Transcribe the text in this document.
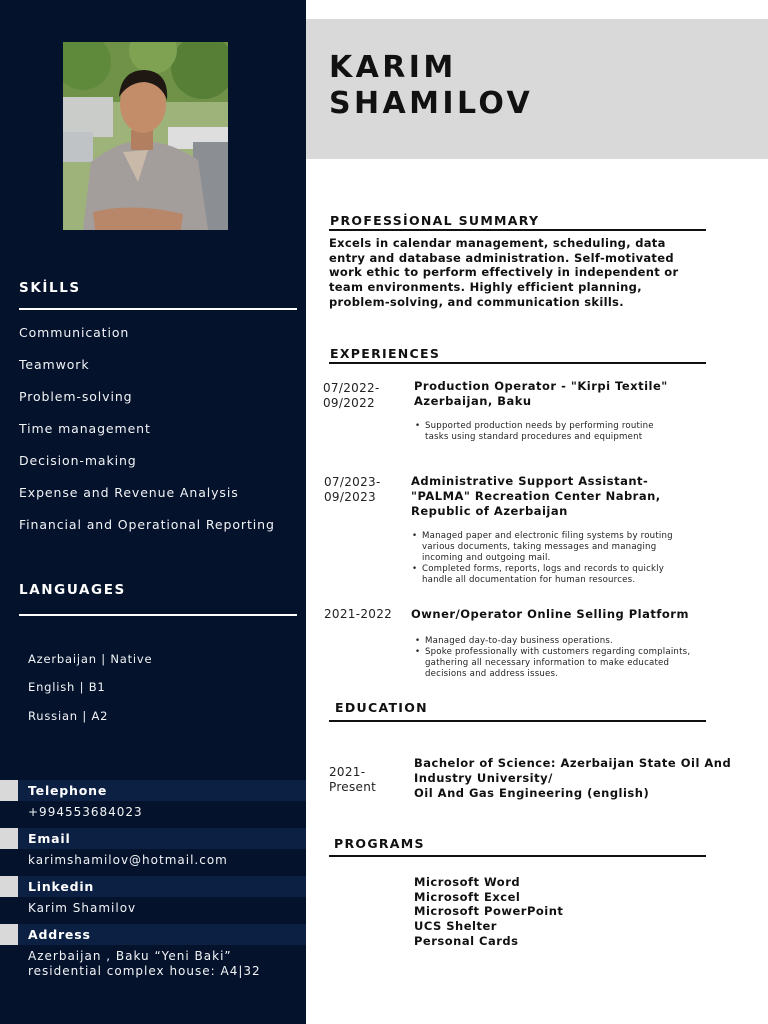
SKİLLS
Communication
Teamwork
Problem-solving
Time management
Decision-making
Expense and Revenue Analysis
Financial and Operational Reporting
LANGUAGES
Azerbaijan | Native
English | B1
Russian | A2
Telephone
+994553684023
Email
karimshamilov@hotmail.com
Linkedin
Karim Shamilov
Address
Azerbaijan , Baku “Yeni Baki”
residential complex house: A4|32
KARIM
SHAMILOV
PROFESSİONAL SUMMARY
Excels in calendar management, scheduling, data entry and database administration. Self-motivated work ethic to perform effectively in independent or team environments. Highly efficient planning, problem-solving, and communication skills.
EXPERIENCES
07/2022-
09/2022
Production Operator - "Kirpi Textile"
Azerbaijan, Baku
• Supported production needs by performing routine tasks using standard procedures and equipment
07/2023-
09/2023
Administrative Support Assistant-
"PALMA" Recreation Center Nabran,
Republic of Azerbaijan
• Managed paper and electronic filing systems by routing various documents, taking messages and managing incoming and outgoing mail.
• Completed forms, reports, logs and records to quickly handle all documentation for human resources.
2021-2022 Owner/Operator Online Selling Platform
• Managed day-to-day business operations.
• Spoke professionally with customers regarding complaints, gathering all necessary information to make educated decisions and address issues.
EDUCATION
2021-
Present
Bachelor of Science: Azerbaijan State Oil And
Industry University/
Oil And Gas Engineering (english)
PROGRAMS
Microsoft Word
Microsoft Excel
Microsoft PowerPoint
UCS Shelter
Personal Cards
